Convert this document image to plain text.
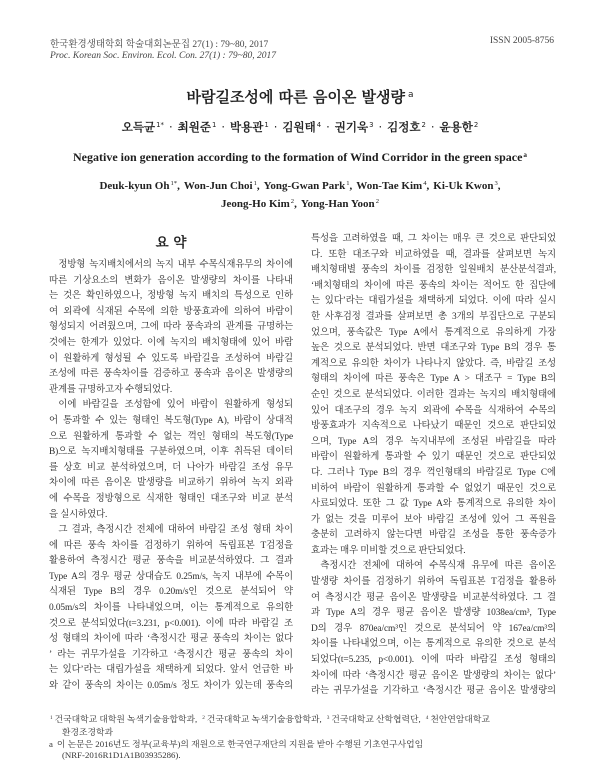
한국환경생태학회 학술대회논문집 27(1) : 79~80, 2017
Proc. Korean Soc. Environ. Ecol. Con. 27(1) : 79~80, 2017
ISSN 2005-8756
바람길조성에 따른 음이온 발생량 $^a$
오득균$^{1*}$ · 최원준$^1$ · 박용관$^1$ · 김원태$^4$ · 권기욱$^3$ · 김정호$^2$ · 윤용한$^2$
Negative ion generation according to the formation of Wind Corridor in the green space$^a$
Deuk-kyun $Oh^{1*}$, Won-Jun Choi$^1$, Yong-Gwan Park$^1$, Won-Tae Kim$^4$, Ki-Uk Kwon$^3$,
Jeong-Ho Kim$^2$, Yong-Han Yoon$^2$
요 약
정방형 녹지배치에서의 녹지 내부 수목식재유무의 차이에
따른 기상요소의 변화가 음이온 발생량의 차이를 나타내
는 것은 확인하였으나, 정방형 녹지 배치의 특성으로 인하
여 외곽에 식재된 수목에 의한 방풍효과에 의하여 바람이
형성되지 어려웠으며, 그에 따라 풍속과의 관계를 규명하는
것에는 한계가 있었다. 이에 녹지의 배치형태에 있어 바람
이 원활하게 형성될 수 있도록 바람길을 조성하여 바람길
조성에 따른 풍속차이를 검증하고 풍속과 음이온 발생량의
관계를 규명하고자 수행되었다.
이에 바람길을 조성함에 있어 바람이 원활하게 형성되
어 통과할 수 있는 형태인 복도형(Type A), 바람이 상대적
으로 원활하게 통과할 수 없는 꺽인 형태의 복도형(Type
B)으로 녹지배치형태를 구분하였으며, 이후 취득된 데이터
를 상호 비교 분석하였으며, 더 나아가 바람길 조성 유무
차이에 따른 음이온 발생량을 비교하기 위하여 녹지 외곽
에 수목을 정방형으로 식재한 형태인 대조구와 비교 분석
을 실시하였다.
그 결과, 측정시간 전체에 대하여 바람길 조성 형태 차이
에 따른 풍속 차이를 검정하기 위하여 독립표본 T검정을
활용하여 측정시간 평균 풍속을 비교분석하였다. 그 결과
Type A의 경우 평균 상대습도 0.25m/s, 녹지 내부에 수목이
식재된 Type B의 경우 0.20m/s인 것으로 분석되어 약
0.05m/s의 차이를 나타내었으며, 이는 통계적으로 유의한
것으로 분석되었다(t=3.231, p<0.001). 이에 따라 바람길 조
성 형태의 차이에 따라 ‘측정시간 평균 풍속의 차이는 없다
’ 라는 귀무가설을 기각하고 ‘측정시간 평균 풍속의 차이
는 있다’라는 대립가설을 채택하게 되었다. 앞서 언급한 바
와 같이 풍속의 차이는 0.05m/s 정도 차이가 있는데 풍속의
특성을 고려하였을 때, 그 차이는 매우 큰 것으로 판단되었
다. 또한 대조구와 비교하였을 때, 결과를 살펴보면 녹지
배치형태별 풍속의 차이를 검정한 일원배치 분산분석결과,
‘배치형태의 차이에 따른 풍속의 차이는 적어도 한 집단에
는 있다’라는 대립가설을 채택하게 되었다. 이에 따라 실시
한 사후검정 결과를 살펴보면 총 3개의 부집단으로 구분되
었으며, 풍속값은 Type A에서 통계적으로 유의하게 가장
높은 것으로 분석되었다. 반면 대조구와 Type B의 경우 통
계적으로 유의한 차이가 나타나지 않았다. 즉, 바람길 조성
형태의 차이에 따른 풍속은 Type A > 대조구 = Type B의
순인 것으로 분석되었다. 이러한 결과는 녹지의 배치형태에
있어 대조구의 경우 녹지 외곽에 수목을 식재하여 수목의
방풍효과가 지속적으로 나타났기 때문인 것으로 판단되었
으며, Type A의 경우 녹지내부에 조성된 바람길을 따라
바람이 원활하게 통과할 수 있기 때문인 것으로 판단되었
다. 그러나 Type B의 경우 꺽인형태의 바람길로 Type C에
비하여 바람이 원활하게 통과할 수 없었기 때문인 것으로
사료되었다. 또한 그 값 Type A와 통계적으로 유의한 차이
가 없는 것을 미루어 보아 바람길 조성에 있어 그 폭원을
충분히 고려하지 않는다면 바람길 조성을 통한 풍속증가
효과는 매우 미비할 것으로 판단되었다.
측정시간 전체에 대하여 수목식재 유무에 따른 음이온
발생량 차이를 검정하기 위하여 독립표본 T검정을 활용하
여 측정시간 평균 음이온 발생량을 비교분석하였다. 그 결
과 Type A의 경우 평균 음이온 발생량 1038ea/cm³, Type
D의 경우 870ea/cm³인 것으로 분석되어 약 167ea/cm³의
차이를 나타내었으며, 이는 통계적으로 유의한 것으로 분석
되었다(t=5.235, p<0.001). 이에 따라 바람길 조성 형태의
차이에 따라 ‘측정시간 평균 음이온 발생량의 차이는 없다’
라는 귀무가설을 기각하고 ‘측정시간 평균 음이온 발생량의
$^1$ 건국대학교 대학원 녹색기술융합학과, $^2$ 건국대학교 녹색기술융합학과, $^3$ 건국대학교 산학협력단, $^4$ 천안연암대학교
환경조경학과
a 이 논문은 2016년도 정부(교육부)의 재원으로 한국연구재단의 지원을 받아 수행된 기초연구사업임
(NRF-2016R1D1A1B03935286).
